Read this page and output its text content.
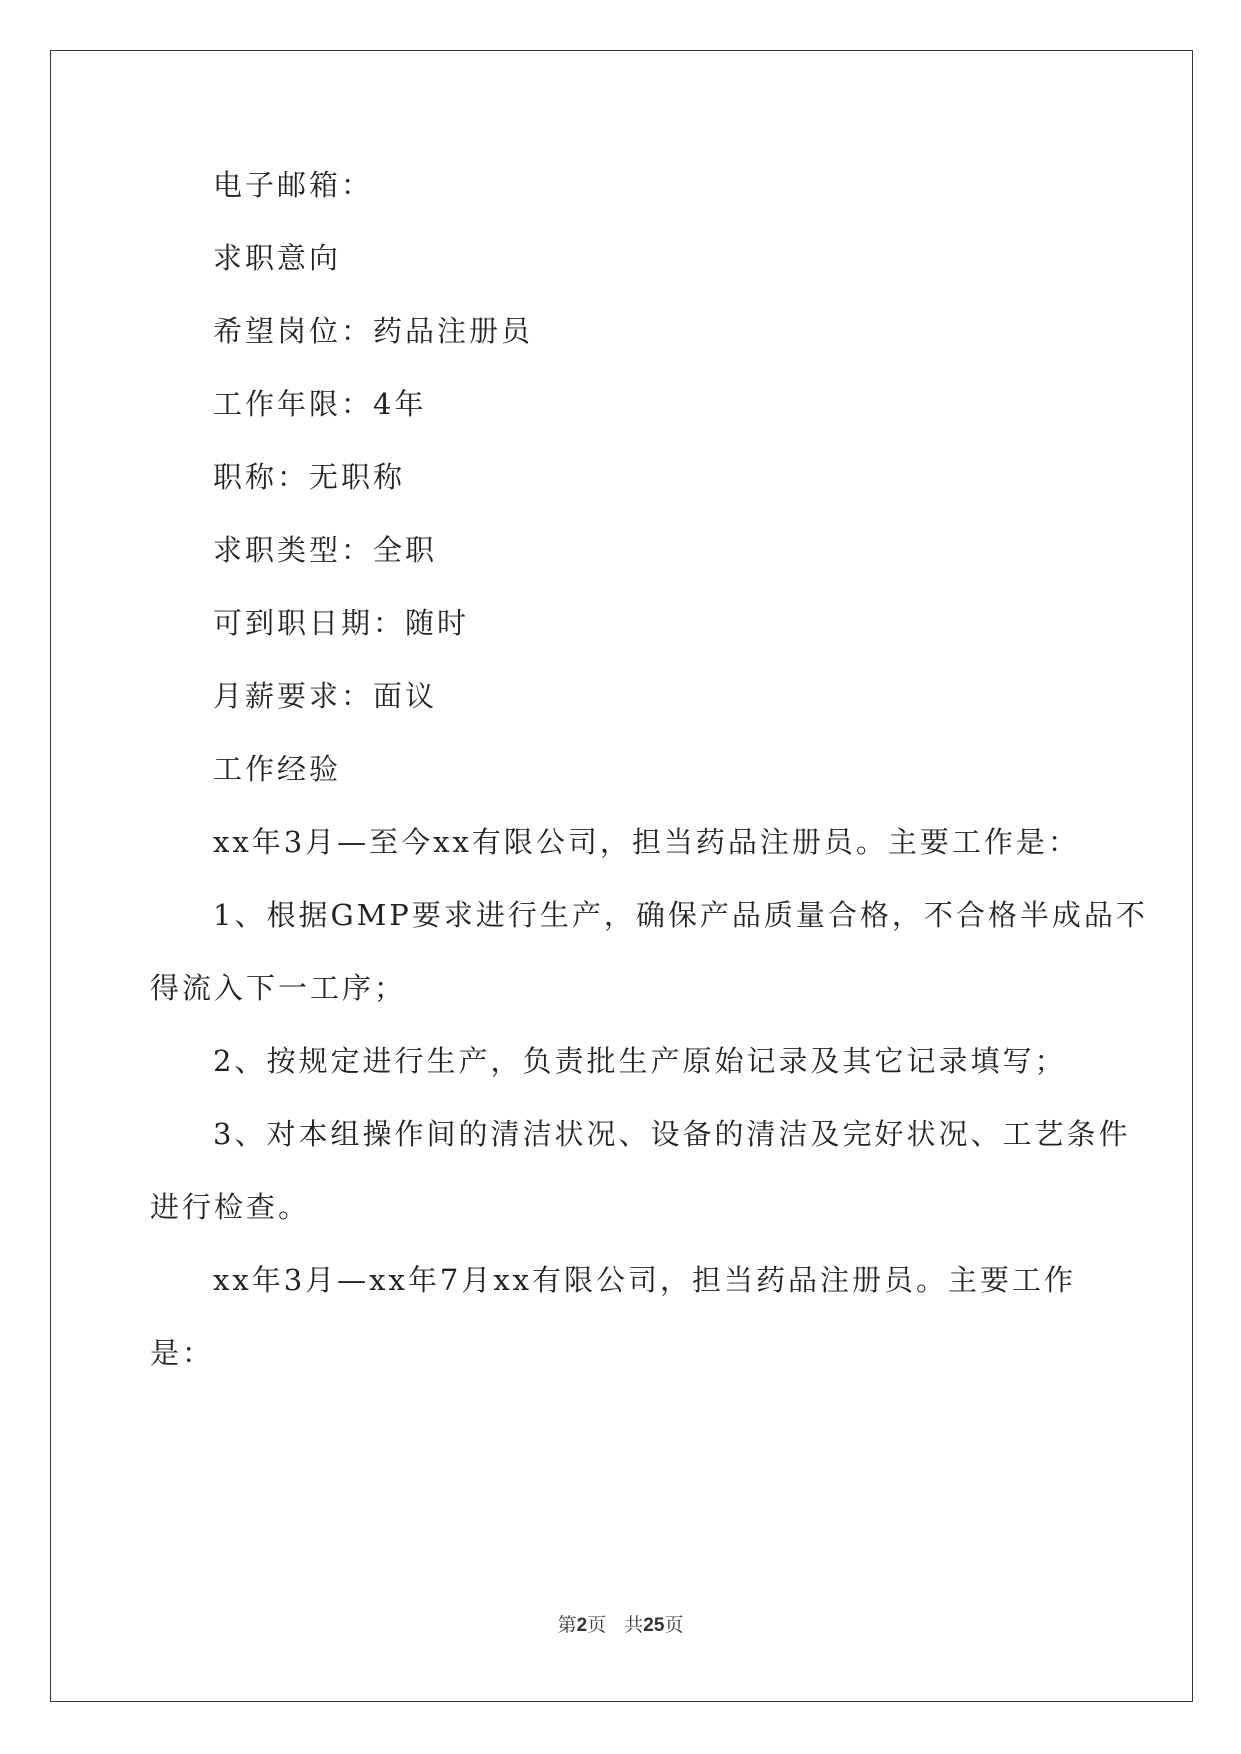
电子邮箱：
求职意向
希望岗位：药品注册员
工作年限：4年
职称：无职称
求职类型：全职
可到职日期：随时
月薪要求：面议
工作经验
xx年3月—至今xx有限公司，担当药品注册员。主要工作是：
1、根据GMP要求进行生产，确保产品质量合格，不合格半成品不
得流入下一工序；
2、按规定进行生产，负责批生产原始记录及其它记录填写；
3、对本组操作间的清洁状况、设备的清洁及完好状况、工艺条件
进行检查。
xx年3月—xx年7月xx有限公司，担当药品注册员。主要工作
是：
第2页 共25页
